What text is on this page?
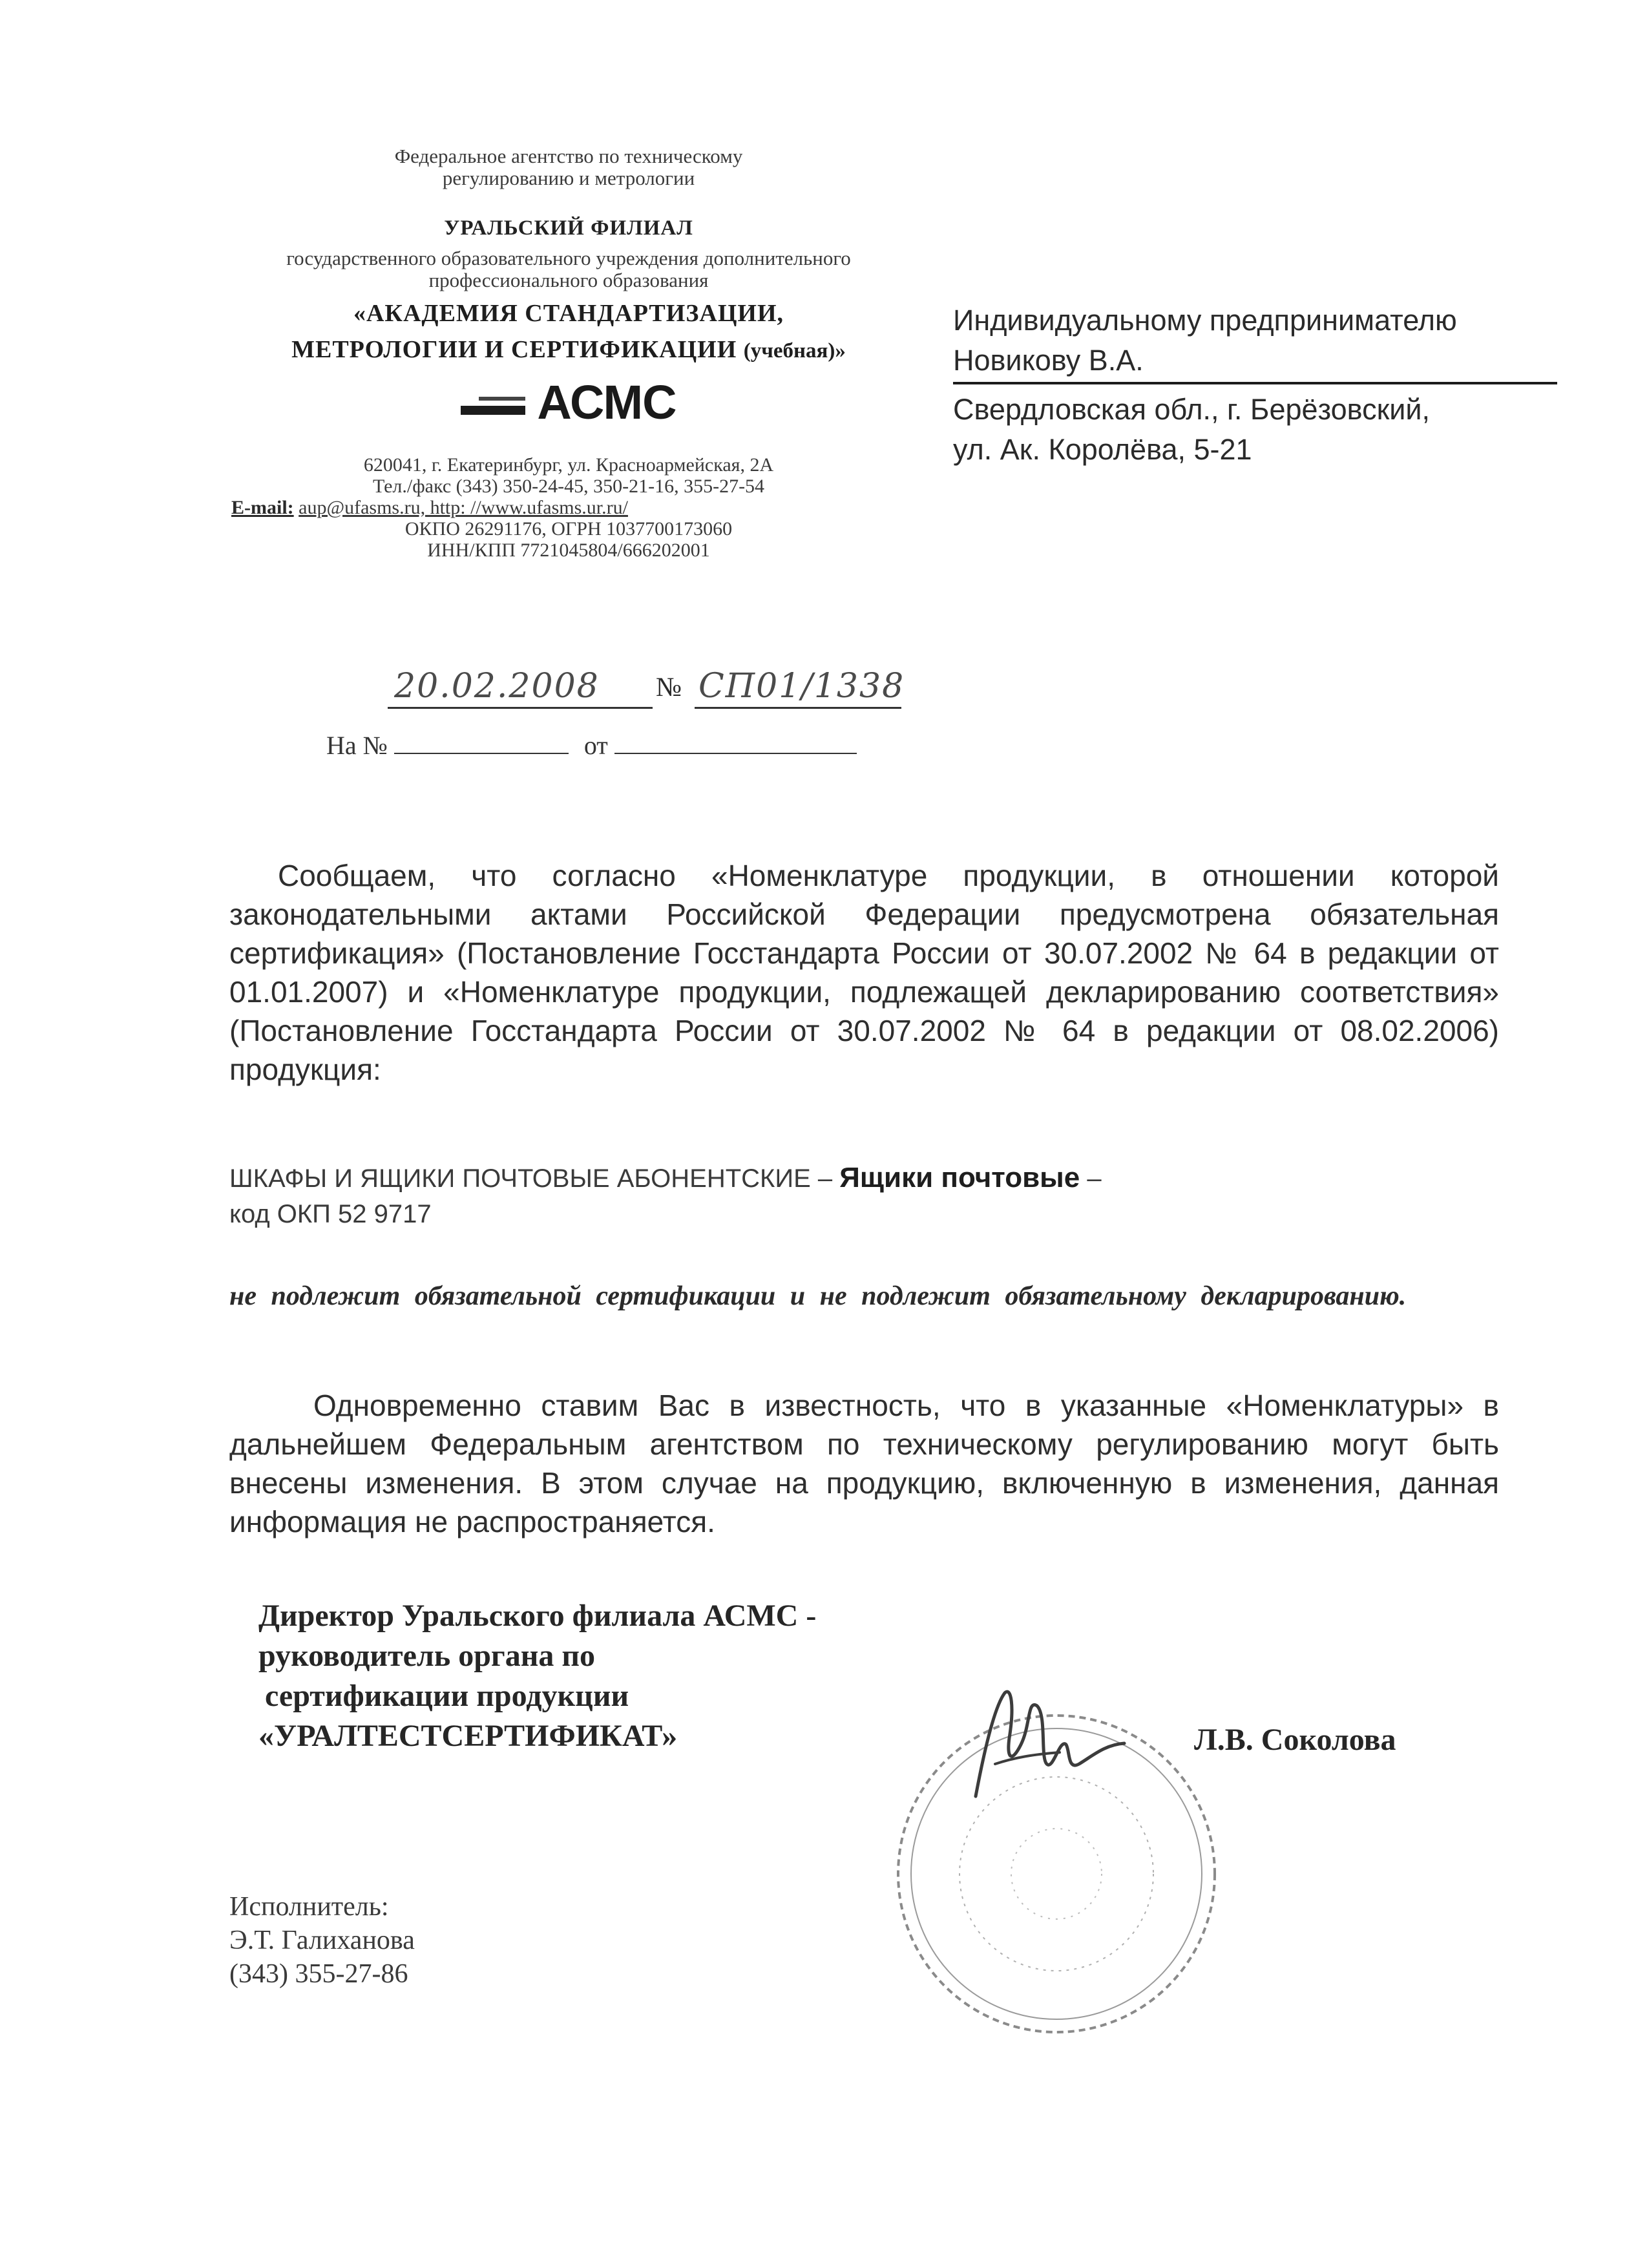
Федеральное агентство по техническому
регулированию и метрологии
УРАЛЬСКИЙ ФИЛИАЛ
государственного образовательного учреждения дополнительного
профессионального образования
«АКАДЕМИЯ СТАНДАРТИЗАЦИИ,
МЕТРОЛОГИИ И СЕРТИФИКАЦИИ (учебная)»
АСМС
620041, г. Екатеринбург, ул. Красноармейская, 2А
Тел./факс (343) 350-24-45, 350-21-16, 355-27-54
E-mail: aup@ufasms.ru, http: //www.ufasms.ur.ru/
ОКПО 26291176, ОГРН 1037700173060
ИНН/КПП 7721045804/666202001
Индивидуальному предпринимателю
Новикову В.А.
Свердловская обл., г. Берёзовский,
ул. Ак. Королёва, 5-21
20.02.2008	№ СП01/1338
На №	от
Сообщаем, что согласно «Номенклатуре продукции, в отношении которой законодательными актами Российской Федерации предусмотрена обязательная сертификация» (Постановление Госстандарта России от 30.07.2002 № 64 в редакции от 01.01.2007) и «Номенклатуре продукции, подлежащей декларированию соответствия» (Постановление Госстандарта России от 30.07.2002 № 64 в редакции от 08.02.2006) продукция:
ШКАФЫ И ЯЩИКИ ПОЧТОВЫЕ АБОНЕНТСКИЕ – Ящики почтовые –
код ОКП 52 9717
не подлежит обязательной сертификации и не подлежит обязательному декларированию.
Одновременно ставим Вас в известность, что в указанные «Номенклатуры» в дальнейшем Федеральным агентством по техническому регулированию могут быть внесены изменения. В этом случае на продукцию, включенную в изменения, данная информация не распространяется.
Директор Уральского филиала АСМС -
руководитель органа по
сертификации продукции
«УРАЛТЕСТСЕРТИФИКАТ»	Л.В. Соколова
Исполнитель:
Э.Т. Галиханова
(343) 355-27-86
